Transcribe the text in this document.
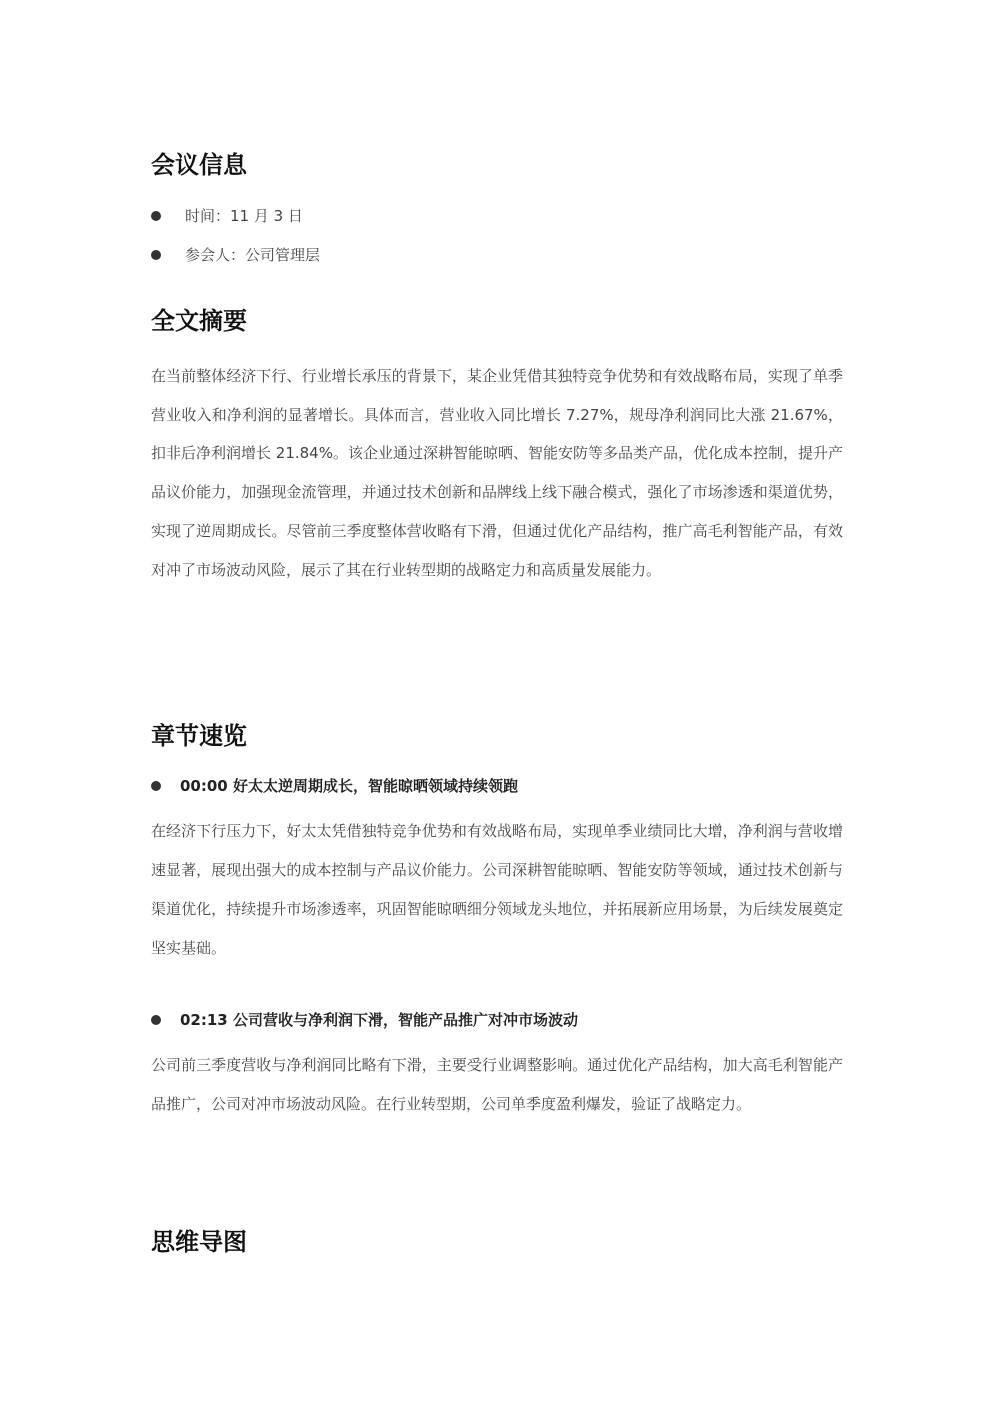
会议信息
时间：11 月 3 日
参会人：公司管理层
全文摘要

在当前整体经济下行、行业增长承压的背景下，某企业凭借其独特竞争优势和有效战略布局，实现了单季营业收入和净利润的显著增长。具体而言，营业收入同比增长 7.27%，规母净利润同比大涨 21.67%，扣非后净利润增长 21.84%。该企业通过深耕智能晾晒、智能安防等多品类产品，优化成本控制，提升产品议价能力，加强现金流管理，并通过技术创新和品牌线上线下融合模式，强化了市场渗透和渠道优势，实现了逆周期成长。尽管前三季度整体营收略有下滑，但通过优化产品结构，推广高毛利智能产品，有效对冲了市场波动风险，展示了其在行业转型期的战略定力和高质量发展能力。

章节速览
00:00 好太太逆周期成长，智能晾晒领域持续领跑

在经济下行压力下，好太太凭借独特竞争优势和有效战略布局，实现单季业绩同比大增，净利润与营收增速显著，展现出强大的成本控制与产品议价能力。公司深耕智能晾晒、智能安防等领域，通过技术创新与渠道优化，持续提升市场渗透率，巩固智能晾晒细分领域龙头地位，并拓展新应用场景，为后续发展奠定坚实基础。

02:13 公司营收与净利润下滑，智能产品推广对冲市场波动

公司前三季度营收与净利润同比略有下滑，主要受行业调整影响。通过优化产品结构，加大高毛利智能产品推广，公司对冲市场波动风险。在行业转型期，公司单季度盈利爆发，验证了战略定力。

思维导图
